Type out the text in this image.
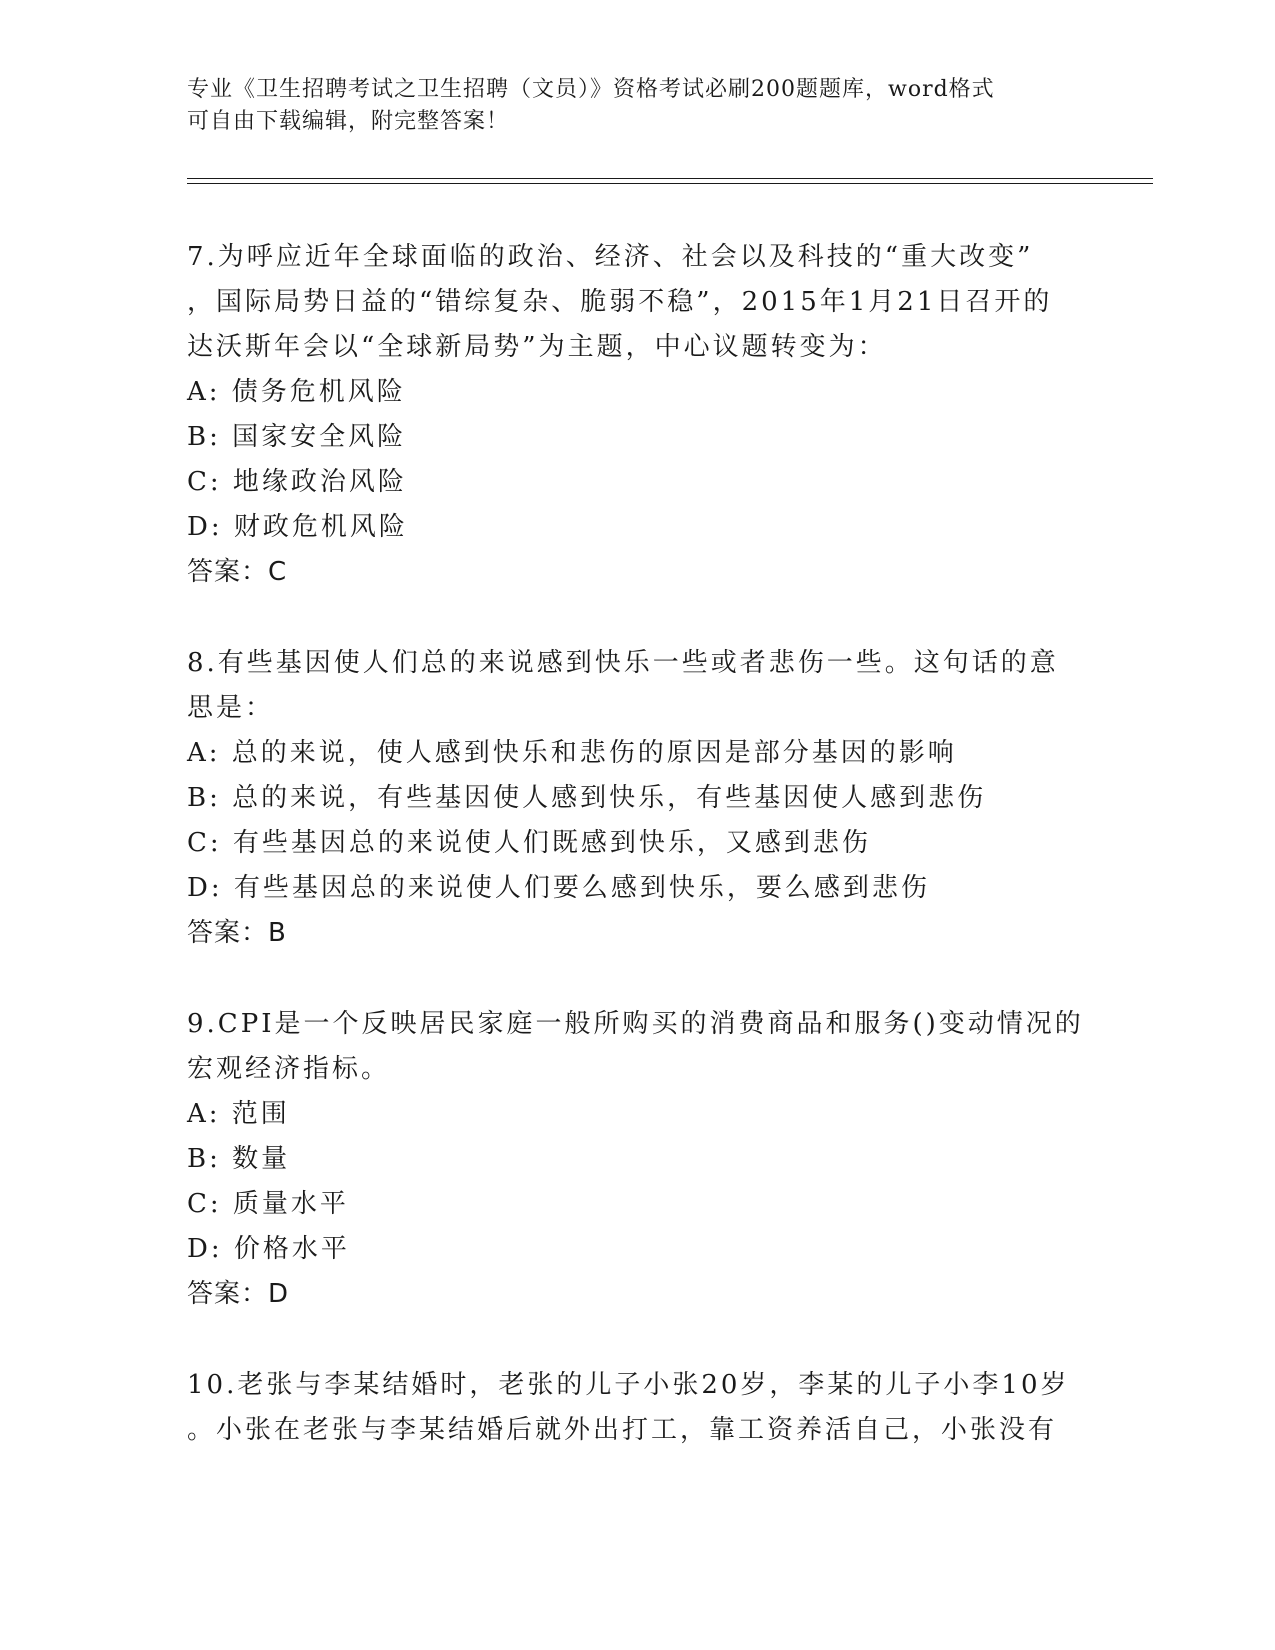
专业《卫生招聘考试之卫生招聘（文员）》资格考试必刷200题题库，word格式
可自由下载编辑，附完整答案！
7.为呼应近年全球面临的政治、经济、社会以及科技的“重大改变”
，国际局势日益的“错综复杂、脆弱不稳”，2015年1月21日召开的
达沃斯年会以“全球新局势”为主题，中心议题转变为：
A: 债务危机风险
B: 国家安全风险
C: 地缘政治风险
D: 财政危机风险
答案：C
8.有些基因使人们总的来说感到快乐一些或者悲伤一些。这句话的意
思是：
A: 总的来说，使人感到快乐和悲伤的原因是部分基因的影响
B: 总的来说，有些基因使人感到快乐，有些基因使人感到悲伤
C: 有些基因总的来说使人们既感到快乐，又感到悲伤
D: 有些基因总的来说使人们要么感到快乐，要么感到悲伤
答案：B
9.CPI是一个反映居民家庭一般所购买的消费商品和服务()变动情况的
宏观经济指标。
A: 范围
B: 数量
C: 质量水平
D: 价格水平
答案：D
10.老张与李某结婚时，老张的儿子小张20岁，李某的儿子小李10岁
。小张在老张与李某结婚后就外出打工，靠工资养活自己，小张没有
